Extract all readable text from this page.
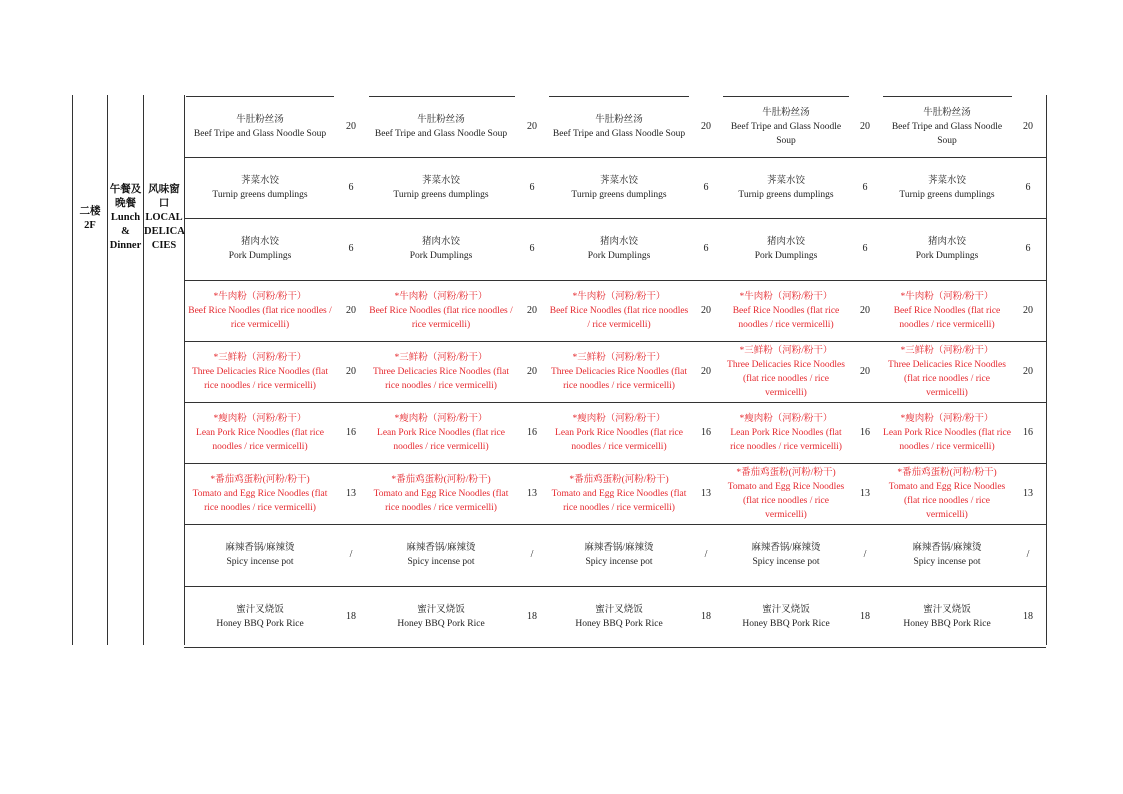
二楼
2F
午餐及
晚餐
Lunch
&
Dinner
风味窗
口
LOCAL
DELICA
CIES
牛肚粉丝汤
Beef Tripe and Glass Noodle Soup
20
牛肚粉丝汤
Beef Tripe and Glass Noodle Soup
20
牛肚粉丝汤
Beef Tripe and Glass Noodle Soup
20
牛肚粉丝汤
Beef Tripe and Glass Noodle Soup
20
牛肚粉丝汤
Beef Tripe and Glass Noodle Soup
20
荠菜水饺
Turnip greens dumplings
6
荠菜水饺
Turnip greens dumplings
6
荠菜水饺
Turnip greens dumplings
6
荠菜水饺
Turnip greens dumplings
6
荠菜水饺
Turnip greens dumplings
6
猪肉水饺
Pork Dumplings
6
猪肉水饺
Pork Dumplings
6
猪肉水饺
Pork Dumplings
6
猪肉水饺
Pork Dumplings
6
猪肉水饺
Pork Dumplings
6
*牛肉粉（河粉/粉干）
Beef Rice Noodles (flat rice noodles / rice vermicelli)
20
*牛肉粉（河粉/粉干）
Beef Rice Noodles (flat rice noodles / rice vermicelli)
20
*牛肉粉（河粉/粉干）
Beef Rice Noodles (flat rice noodles / rice vermicelli)
20
*牛肉粉（河粉/粉干）
Beef Rice Noodles (flat rice noodles / rice vermicelli)
20
*牛肉粉（河粉/粉干）
Beef Rice Noodles (flat rice noodles / rice vermicelli)
20
*三鲜粉（河粉/粉干）
Three Delicacies Rice Noodles (flat rice noodles / rice vermicelli)
20
*三鲜粉（河粉/粉干）
Three Delicacies Rice Noodles (flat rice noodles / rice vermicelli)
20
*三鲜粉（河粉/粉干）
Three Delicacies Rice Noodles (flat rice noodles / rice vermicelli)
20
*三鲜粉（河粉/粉干）
Three Delicacies Rice Noodles (flat rice noodles / rice vermicelli)
20
*三鲜粉（河粉/粉干）
Three Delicacies Rice Noodles (flat rice noodles / rice vermicelli)
20
*瘦肉粉（河粉/粉干）
Lean Pork Rice Noodles (flat rice noodles / rice vermicelli)
16
*瘦肉粉（河粉/粉干）
Lean Pork Rice Noodles (flat rice noodles / rice vermicelli)
16
*瘦肉粉（河粉/粉干）
Lean Pork Rice Noodles (flat rice noodles / rice vermicelli)
16
*瘦肉粉（河粉/粉干）
Lean Pork Rice Noodles (flat rice noodles / rice vermicelli)
16
*瘦肉粉（河粉/粉干）
Lean Pork Rice Noodles (flat rice noodles / rice vermicelli)
16
*番茄鸡蛋粉(河粉/粉干)
Tomato and Egg Rice Noodles (flat rice noodles / rice vermicelli)
13
*番茄鸡蛋粉(河粉/粉干)
Tomato and Egg Rice Noodles (flat rice noodles / rice vermicelli)
13
*番茄鸡蛋粉(河粉/粉干)
Tomato and Egg Rice Noodles (flat rice noodles / rice vermicelli)
13
*番茄鸡蛋粉(河粉/粉干)
Tomato and Egg Rice Noodles (flat rice noodles / rice vermicelli)
13
*番茄鸡蛋粉(河粉/粉干)
Tomato and Egg Rice Noodles (flat rice noodles / rice vermicelli)
13
麻辣香锅/麻辣烫
Spicy incense pot
/
麻辣香锅/麻辣烫
Spicy incense pot
/
麻辣香锅/麻辣烫
Spicy incense pot
/
麻辣香锅/麻辣烫
Spicy incense pot
/
麻辣香锅/麻辣烫
Spicy incense pot
/
蜜汁叉烧饭
Honey BBQ Pork Rice
18
蜜汁叉烧饭
Honey BBQ Pork Rice
18
蜜汁叉烧饭
Honey BBQ Pork Rice
18
蜜汁叉烧饭
Honey BBQ Pork Rice
18
蜜汁叉烧饭
Honey BBQ Pork Rice
18
